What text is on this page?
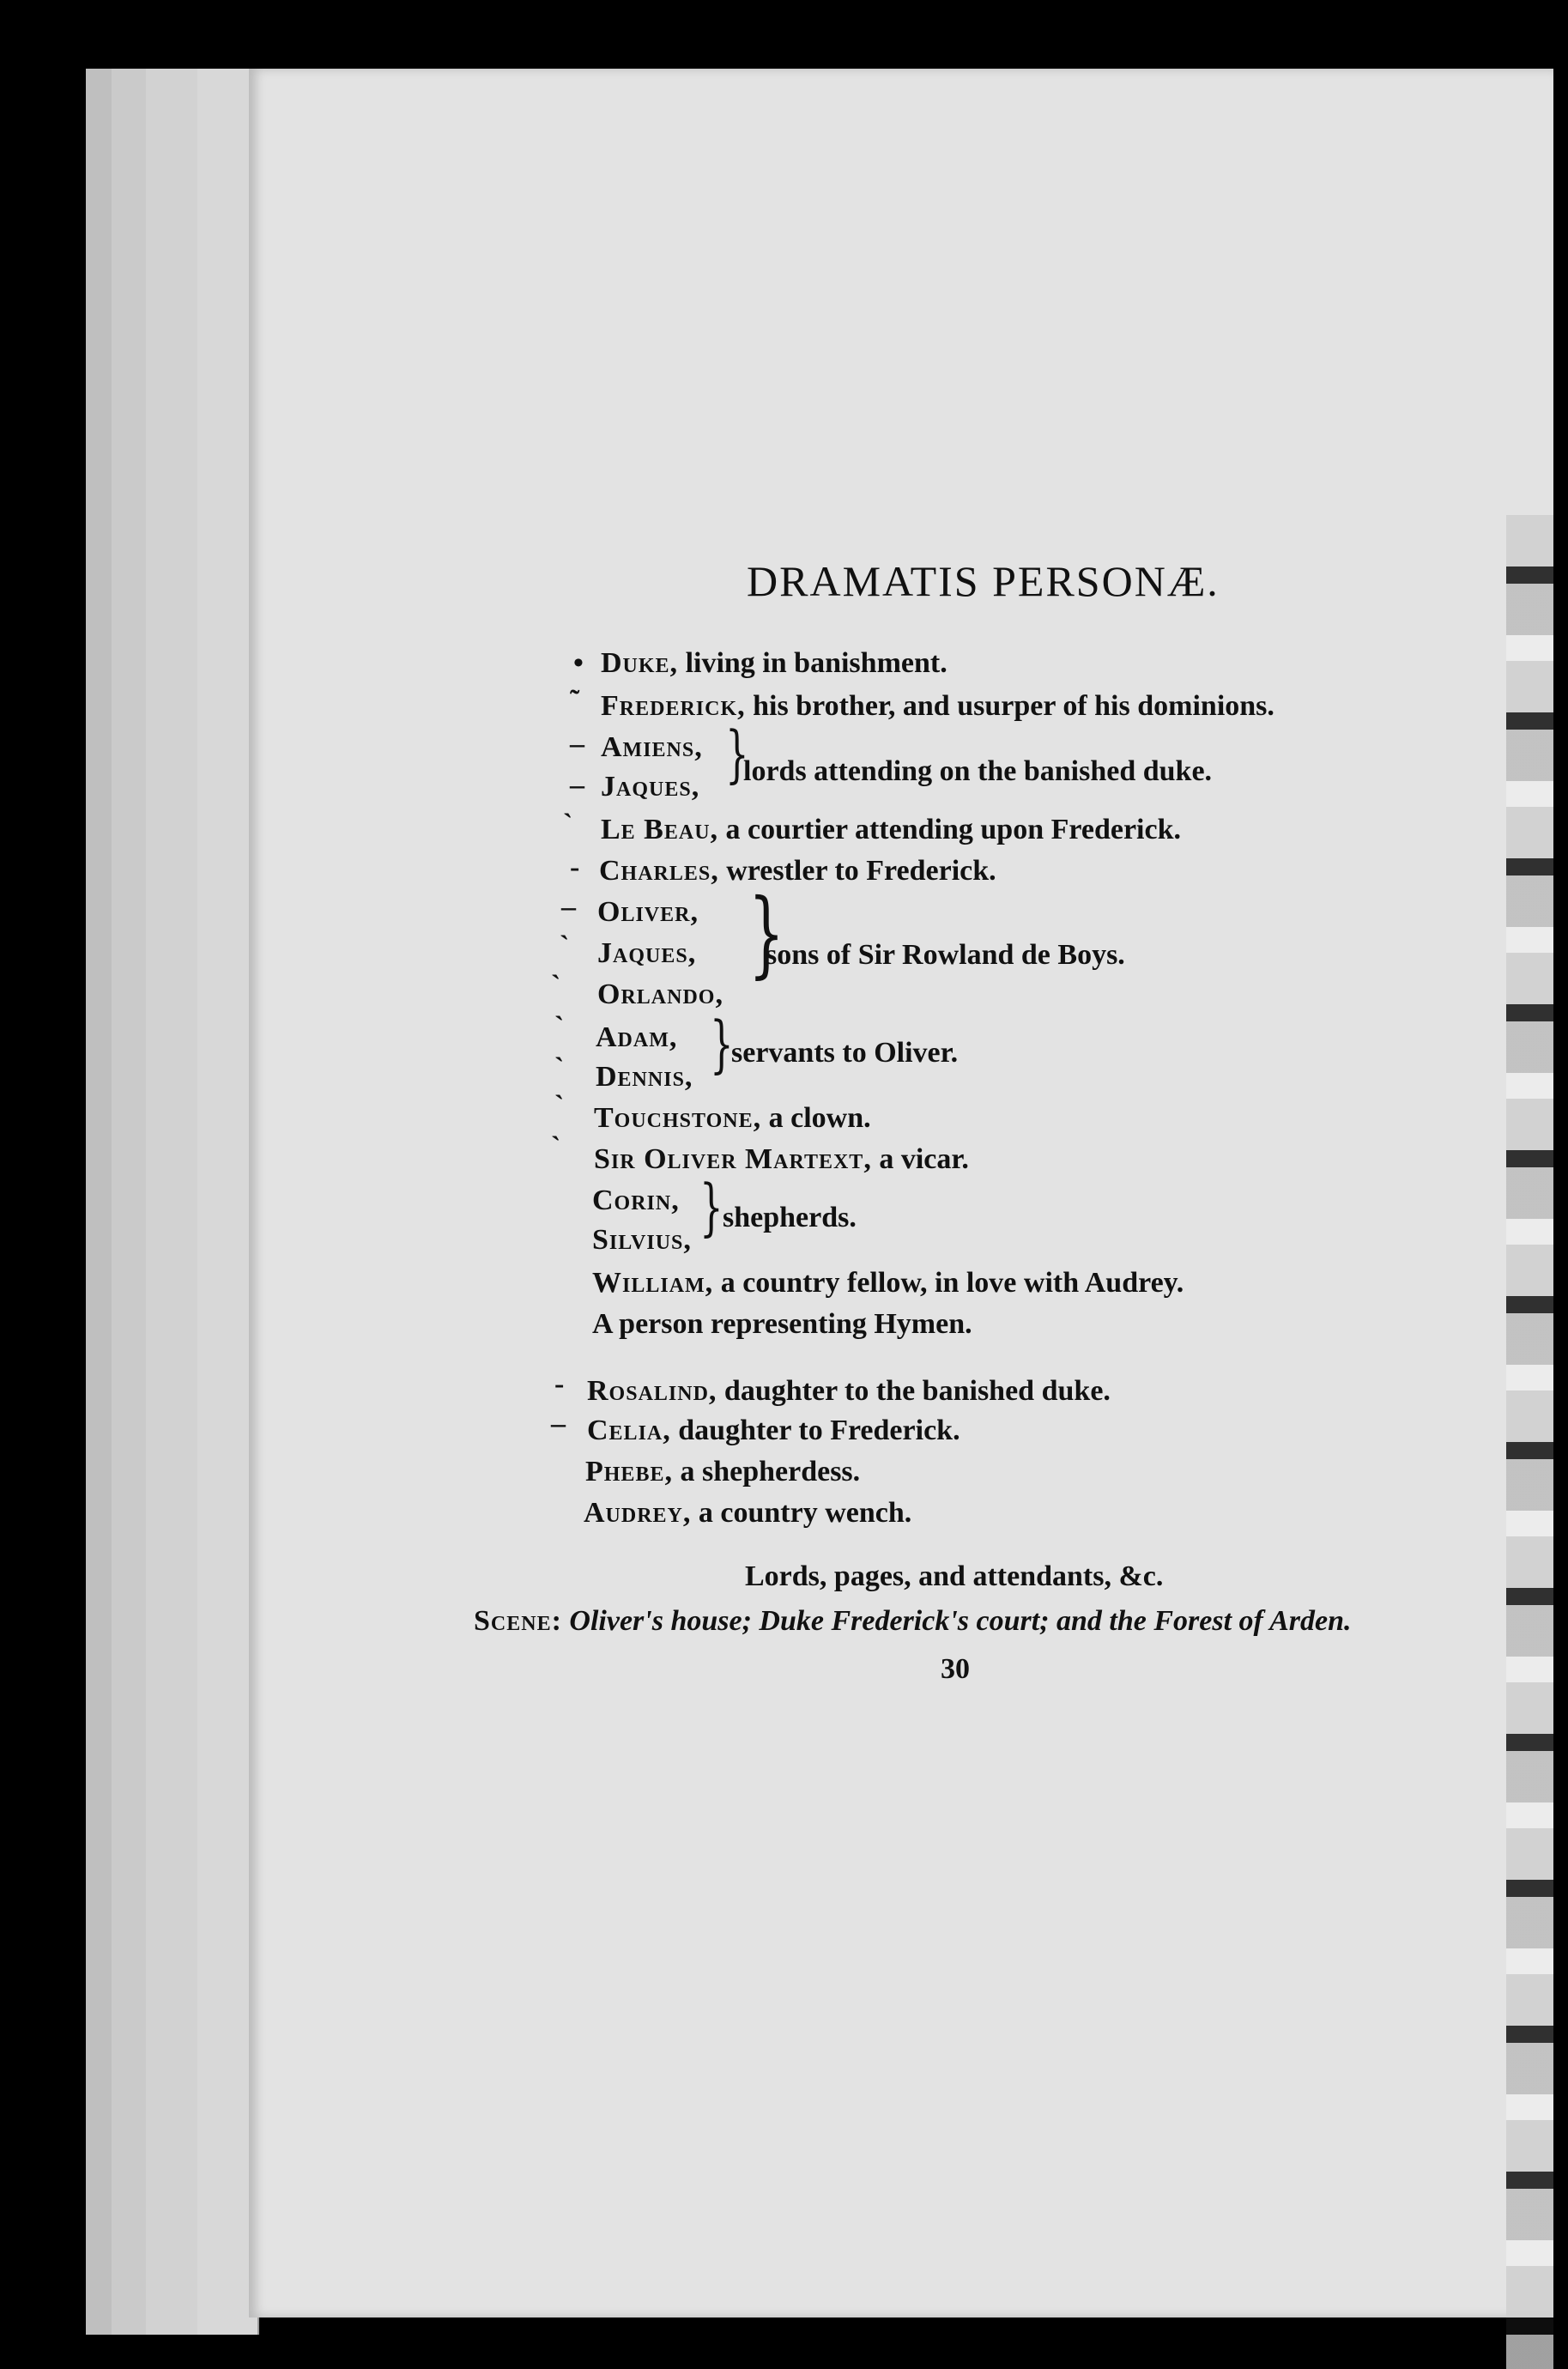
DRAMATIS PERSONÆ.
• Duke, living in banishment.
˜ Frederick, his brother, and usurper of his dominions.
– Amiens,
– Jaques, }
lords attending on the banished duke.
` Le Beau, a courtier attending upon Frederick.
- Charles, wrestler to Frederick.
– Oliver,
` Jaques,
` Orlando,
}
sons of Sir Rowland de Boys.
` Adam,
` Dennis, }
servants to Oliver.
` Touchstone, a clown.
` Sir Oliver Martext, a vicar.
Corin,
Silvius, } shepherds.
William, a country fellow, in love with Audrey.
A person representing Hymen.
- Rosalind, daughter to the banished duke.
– Celia, daughter to Frederick.
Phebe, a shepherdess.
Audrey, a country wench.
Lords, pages, and attendants, &c.
Scene: Oliver's house; Duke Frederick's court; and the Forest of Arden.
30
